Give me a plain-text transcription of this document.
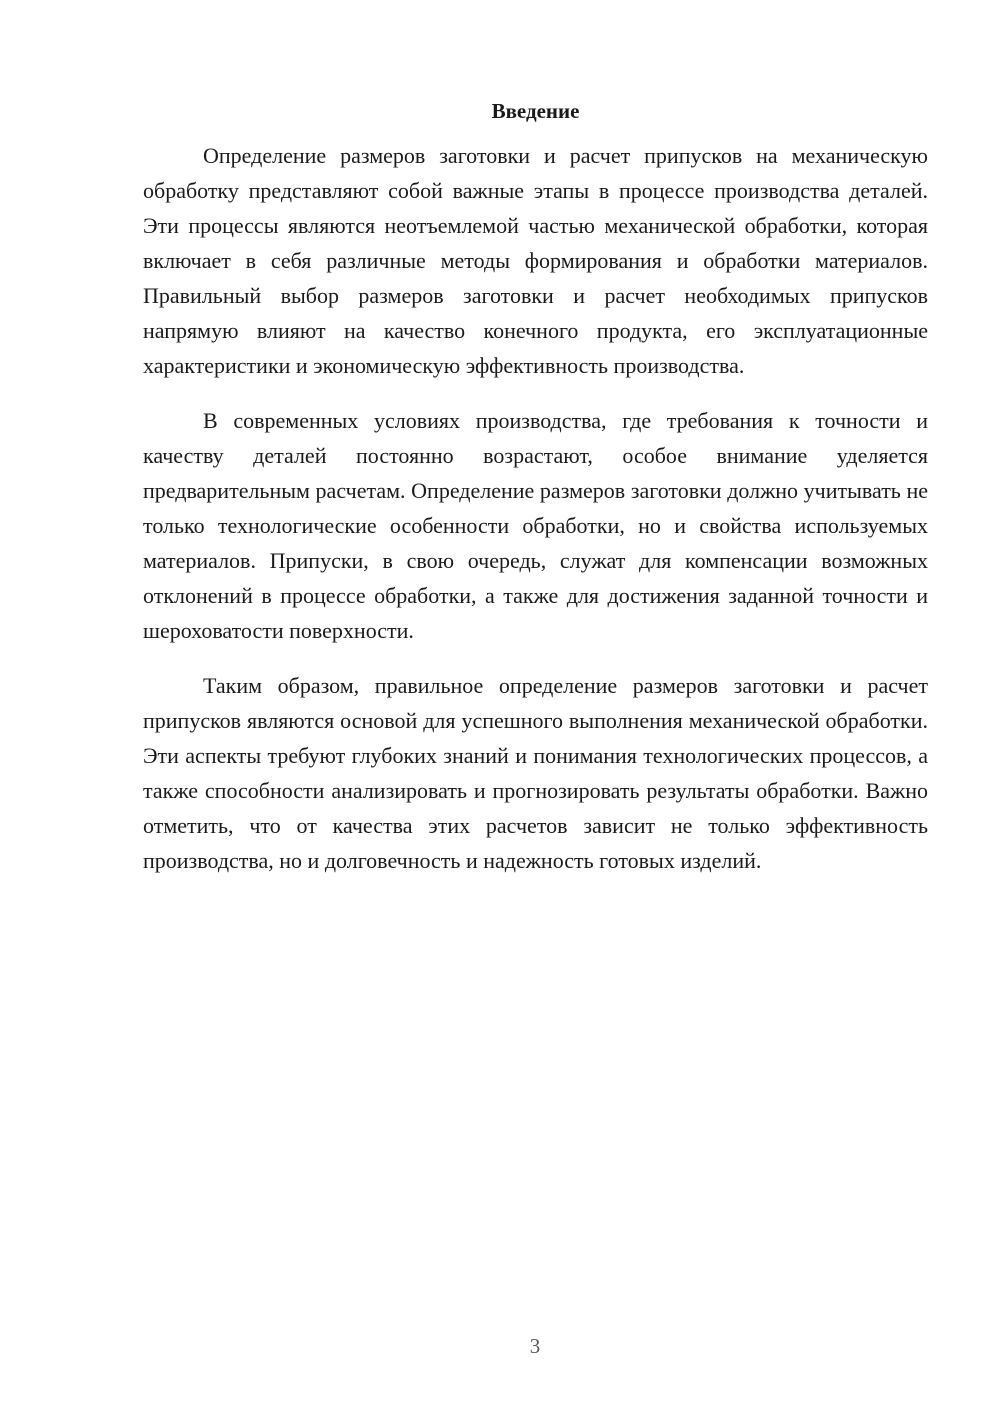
Введение

Определение размеров заготовки и расчет припусков на механическую обработку представляют собой важные этапы в процессе производства деталей. Эти процессы являются неотъемлемой частью механической обработки, которая включает в себя различные методы формирования и обработки материалов. Правильный выбор размеров заготовки и расчет необходимых припусков напрямую влияют на качество конечного продукта, его эксплуатационные характеристики и экономическую эффективность производства.

В современных условиях производства, где требования к точности и качеству деталей постоянно возрастают, особое внимание уделяется предварительным расчетам. Определение размеров заготовки должно учитывать не только технологические особенности обработки, но и свойства используемых материалов. Припуски, в свою очередь, служат для компенсации возможных отклонений в процессе обработки, а также для достижения заданной точности и шероховатости поверхности.

Таким образом, правильное определение размеров заготовки и расчет припусков являются основой для успешного выполнения механической обработки. Эти аспекты требуют глубоких знаний и понимания технологических процессов, а также способности анализировать и прогнозировать результаты обработки. Важно отметить, что от качества этих расчетов зависит не только эффективность производства, но и долговечность и надежность готовых изделий.

3
